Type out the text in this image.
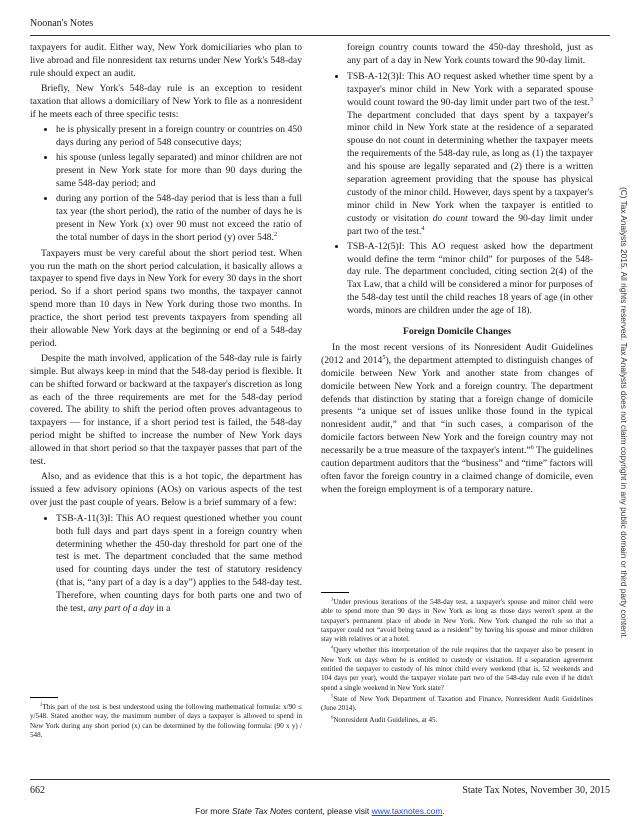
Noonan's Notes

taxpayers for audit. Either way, New York domiciliaries who plan to live abroad and file nonresident tax returns under New York's 548-day rule should expect an audit.

Briefly, New York's 548-day rule is an exception to resident taxation that allows a domiciliary of New York to file as a nonresident if he meets each of three specific tests:

• he is physically present in a foreign country or countries on 450 days during any period of 548 consecutive days;
• his spouse (unless legally separated) and minor children are not present in New York state for more than 90 days during the same 548-day period; and
• during any portion of the 548-day period that is less than a full tax year (the short period), the ratio of the number of days he is present in New York (x) over 90 must not exceed the ratio of the total number of days in the short period (y) over 548.$^2$

Taxpayers must be very careful about the short period test. When you run the math on the short period calculation, it basically allows a taxpayer to spend five days in New York for every 30 days in the short period. So if a short period spans two months, the taxpayer cannot spend more than 10 days in New York during those two months. In practice, the short period test prevents taxpayers from spending all their allowable New York days at the beginning or end of a 548-day period.

Despite the math involved, application of the 548-day rule is fairly simple. But always keep in mind that the 548-day period is flexible. It can be shifted forward or backward at the taxpayer's discretion as long as each of the three requirements are met for the 548-day period covered. The ability to shift the period often proves advantageous to taxpayers — for instance, if a short period test is failed, the 548-day period might be shifted to increase the number of New York days allowed in that short period so that the taxpayer passes that part of the test.

Also, and as evidence that this is a hot topic, the department has issued a few advisory opinions (AOs) on various aspects of the test over just the past couple of years. Below is a brief summary of a few:

• TSB-A-11(3)I: This AO request questioned whether you count both full days and part days spent in a foreign country when determining whether the 450-day threshold for part one of the test is met. The department concluded that the same method used for counting days under the test of statutory residency (that is, “any part of a day is a day”) applies to the 548-day test. Therefore, when counting days for both parts one and two of the test, any part of a day in a

foreign country counts toward the 450-day threshold, just as any part of a day in New York counts toward the 90-day limit.

• TSB-A-12(3)I: This AO request asked whether time spent by a taxpayer's minor child in New York with a separated spouse would count toward the 90-day limit under part two of the test.$^3$ The department concluded that days spent by a taxpayer's minor child in New York state at the residence of a separated spouse do not count in determining whether the taxpayer meets the requirements of the 548-day rule, as long as (1) the taxpayer and his spouse are legally separated and (2) there is a written separation agreement providing that the spouse has physical custody of the minor child. However, days spent by a taxpayer's minor child in New York when the taxpayer is entitled to custody or visitation do count toward the 90-day limit under part two of the test.$^4$
• TSB-A-12(5)I: This AO request asked how the department would define the term “minor child” for purposes of the 548-day rule. The department concluded, citing section 2(4) of the Tax Law, that a child will be considered a minor for purposes of the 548-day test until the child reaches 18 years of age (in other words, minors are children under the age of 18).
Foreign Domicile Changes

In the most recent versions of its Nonresident Audit Guidelines (2012 and 2014$^5$), the department attempted to distinguish changes of domicile between New York and another state from changes of domicile between New York and a foreign country. The department defends that distinction by stating that a foreign change of domicile presents “a unique set of issues unlike those found in the typical nonresident audit,” and that “in such cases, a comparison of the domicile factors between New York and the foreign country may not necessarily be a true measure of the taxpayer's intent.”$^6$ The guidelines caution department auditors that the “business” and “time” factors will often favor the foreign country in a claimed change of domicile, even when the foreign employment is of a temporary nature.

$^2$This part of the test is best understood using the following mathematical formula: x/90 ≤ y/548. Stated another way, the maximum number of days a taxpayer is allowed to spend in New York during any short period (x) can be determined by the following formula: (90 x y) / 548.

$^3$Under previous iterations of the 548-day test, a taxpayer's spouse and minor child were able to spend more than 90 days in New York as long as those days weren't spent at the taxpayer's permanent place of abode in New York. New York changed the rule so that a taxpayer could not “avoid being taxed as a resident” by having his spouse and minor children stay with relatives or at a hotel.

$^4$Query whether this interpretation of the rule requires that the taxpayer also be present in New York on days when he is entitled to custody or visitation. If a separation agreement entitled the taxpayer to custody of his minor child every weekend (that is, 52 weekends and 104 days per year), would the taxpayer violate part two of the 548-day rule even if he didn't spend a single weekend in New York state?

$^5$State of New York Department of Taxation and Finance, Nonresident Audit Guidelines (June 2014).

$^6$Nonresident Audit Guidelines, at 45.

662	State Tax Notes, November 30, 2015
For more State Tax Notes content, please visit www.taxnotes.com.
(C) Tax Analysts 2015. All rights reserved. Tax Analysts does not claim copyright in any public domain or third party content.
